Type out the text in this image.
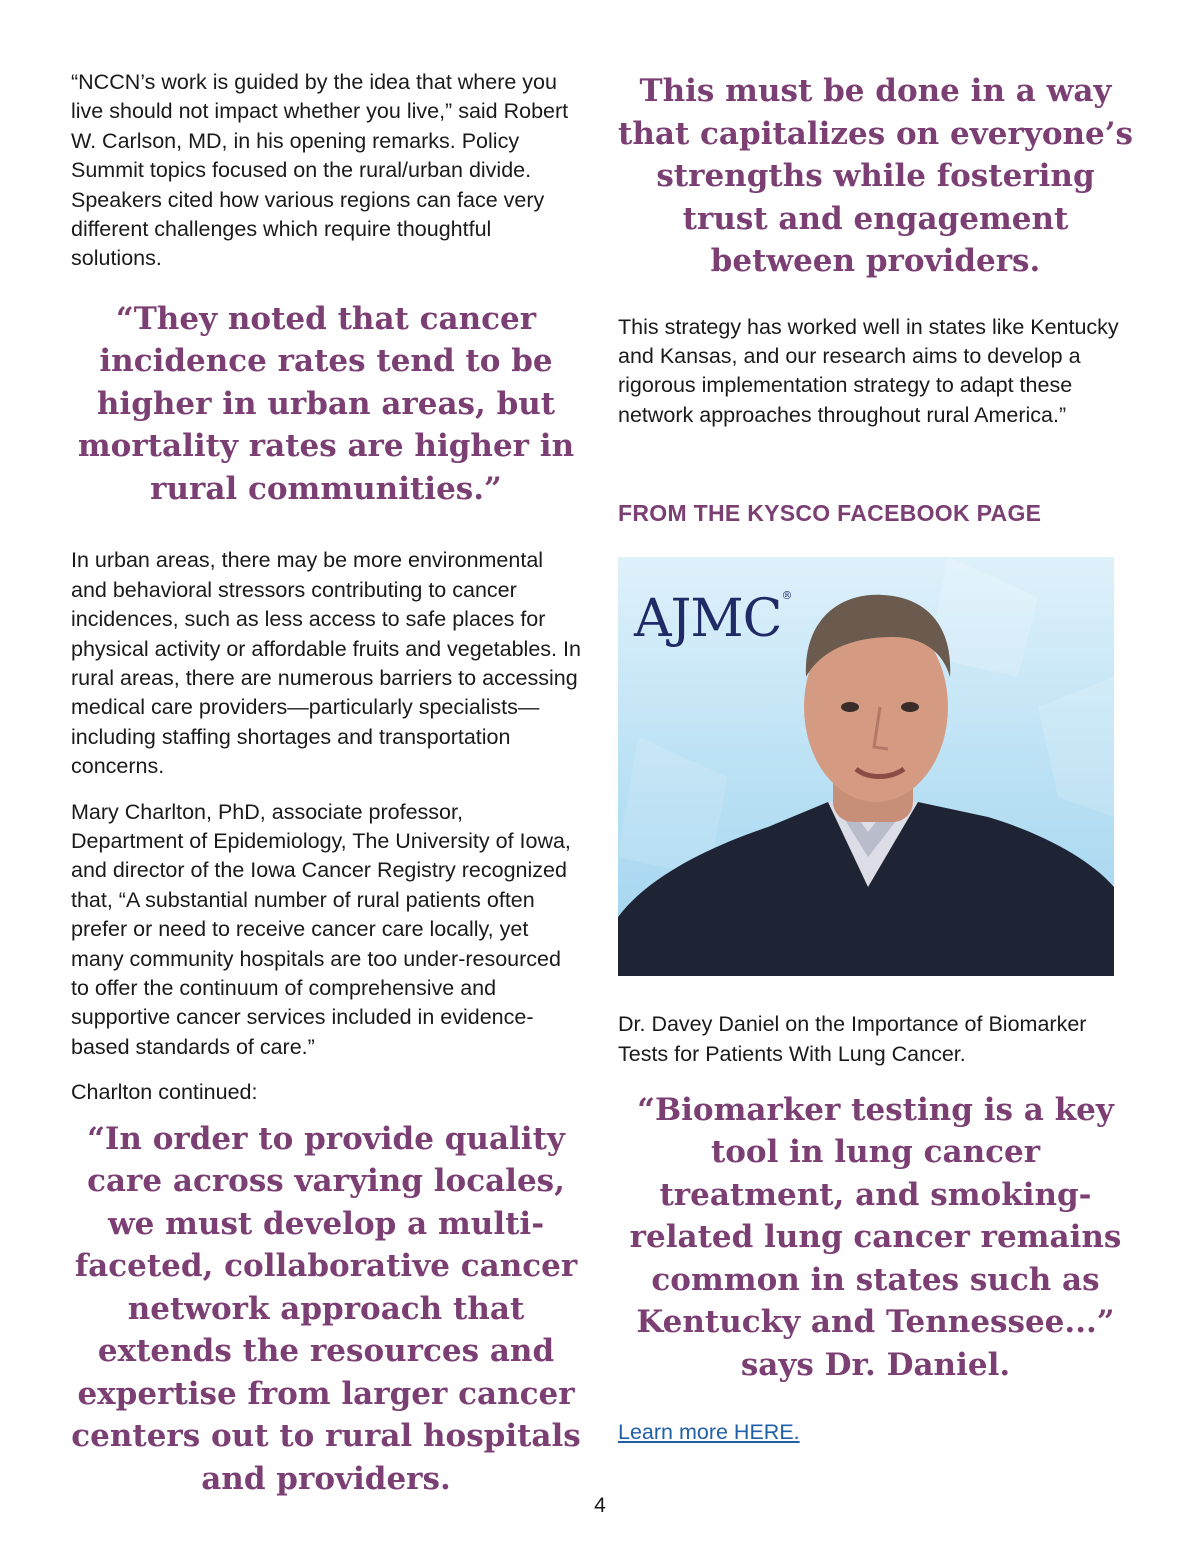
“NCCN’s work is guided by the idea that where you live should not impact whether you live,” said Robert W. Carlson, MD, in his opening remarks. Policy Summit topics focused on the rural/urban divide. Speakers cited how various regions can face very different challenges which require thoughtful solutions.

“They noted that cancer incidence rates tend to be higher in urban areas, but mortality rates are higher in rural communities.”

In urban areas, there may be more environmental and behavioral stressors contributing to cancer incidences, such as less access to safe places for physical activity or affordable fruits and vegetables. In rural areas, there are numerous barriers to accessing medical care providers—particularly specialists—including staffing shortages and transportation concerns.

Mary Charlton, PhD, associate professor, Department of Epidemiology, The University of Iowa, and director of the Iowa Cancer Registry recognized that, “A substantial number of rural patients often prefer or need to receive cancer care locally, yet many community hospitals are too under-resourced to offer the continuum of comprehensive and supportive cancer services included in evidence-based standards of care.”

Charlton continued:

“In order to provide quality care across varying locales, we must develop a multi-faceted, collaborative cancer network approach that extends the resources and expertise from larger cancer centers out to rural hospitals and providers.

This must be done in a way that capitalizes on everyone’s strengths while fostering trust and engagement between providers.

This strategy has worked well in states like Kentucky and Kansas, and our research aims to develop a rigorous implementation strategy to adapt these network approaches throughout rural America.”

FROM THE KYSCO FACEBOOK PAGE

AJMC®

Dr. Davey Daniel on the Importance of Biomarker Tests for Patients With Lung Cancer.

“Biomarker testing is a key tool in lung cancer treatment, and smoking-related lung cancer remains common in states such as Kentucky and Tennessee...” says Dr. Daniel.

Learn more HERE.
4
